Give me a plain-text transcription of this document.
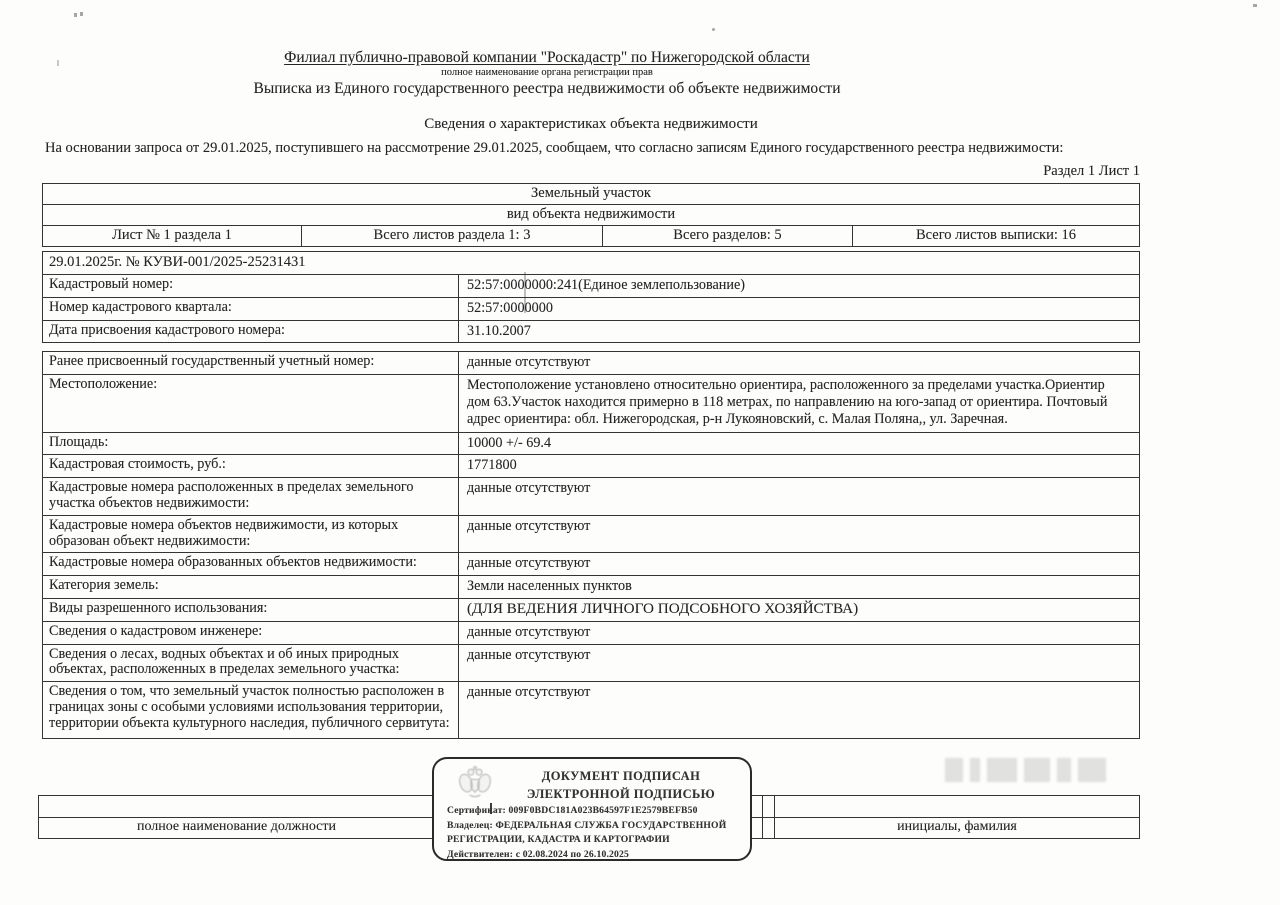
Филиал публично-правовой компании "Роскадастр" по Нижегородской области
полное наименование органа регистрации прав
Выписка из Единого государственного реестра недвижимости об объекте недвижимости
Сведения о характеристиках объекта недвижимости
На основании запроса от 29.01.2025, поступившего на рассмотрение 29.01.2025, сообщаем, что согласно записям Единого государственного реестра недвижимости:
Раздел 1 Лист 1
Земельный участок
вид объекта недвижимости
Лист № 1 раздела 1	Всего листов раздела 1: 3	Всего разделов: 5	Всего листов выписки: 16
29.01.2025г. № КУВИ-001/2025-25231431
Кадастровый номер:	52:57:0000000:241(Единое землепользование)
Номер кадастрового квартала:	52:57:0000000
Дата присвоения кадастрового номера:	31.10.2007
Ранее присвоенный государственный учетный номер:	данные отсутствуют
Местоположение:	Местоположение установлено относительно ориентира, расположенного за пределами участка.Ориентир дом 63.Участок находится примерно в 118 метрах, по направлению на юго-запад от ориентира. Почтовый адрес ориентира: обл. Нижегородская, р-н Лукояновский, с. Малая Поляна,, ул. Заречная.
Площадь:	10000 +/- 69.4
Кадастровая стоимость, руб.:	1771800
Кадастровые номера расположенных в пределах земельного участка объектов недвижимости:
данные отсутствуют
Кадастровые номера объектов недвижимости, из которых образован объект недвижимости:
данные отсутствуют
Кадастровые номера образованных объектов недвижимости:	данные отсутствуют
Категория земель:	Земли населенных пунктов
Виды разрешенного использования:	(ДЛЯ ВЕДЕНИЯ ЛИЧНОГО ПОДСОБНОГО ХОЗЯЙСТВА)
Сведения о кадастровом инженере:	данные отсутствуют
Сведения о лесах, водных объектах и об иных природных объектах, расположенных в пределах земельного участка:
данные отсутствуют
Сведения о том, что земельный участок полностью расположен в границах зоны с особыми условиями использования территории, территории объекта культурного наследия, публичного сервитута:
данные отсутствуют
полное наименование должности	инициалы, фамилия
ДОКУМЕНТ ПОДПИСАН
ЭЛЕКТРОННОЙ ПОДПИСЬЮ
Сертификат: 009F0BDC181A023B64597F1E2579BEFB50
Владелец: ФЕДЕРАЛЬНАЯ СЛУЖБА ГОСУДАРСТВЕННОЙ РЕГИСТРАЦИИ, КАДАСТРА И КАРТОГРАФИИ
Действителен: с 02.08.2024 по 26.10.2025
